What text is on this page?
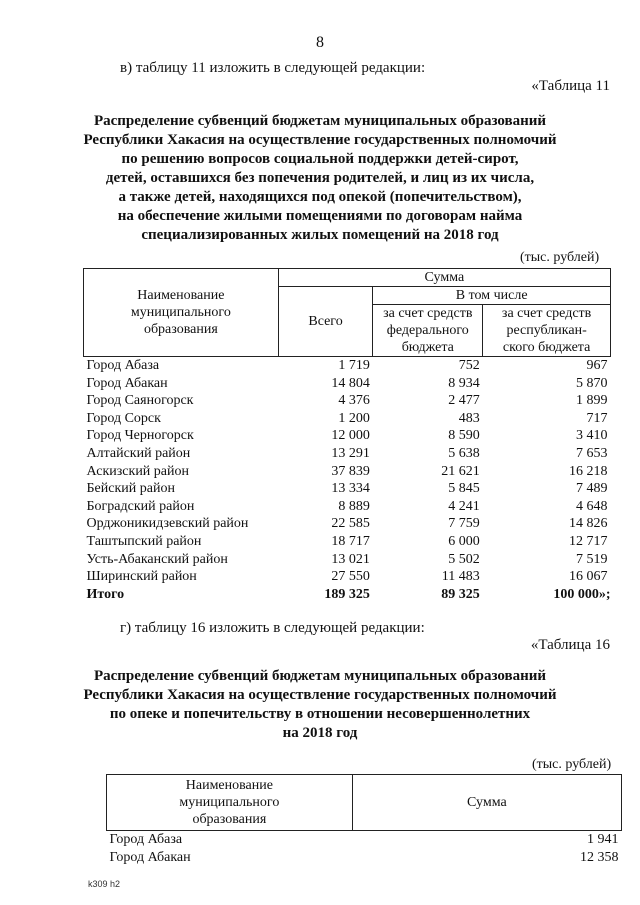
8
в) таблицу 11 изложить в следующей редакции:
«Таблица 11
Распределение субвенций бюджетам муниципальных образований
Республики Хакасия на осуществление государственных полномочий
по решению вопросов социальной поддержки детей-сирот,
детей, оставшихся без попечения родителей, и лиц из их числа,
а также детей, находящихся под опекой (попечительством),
на обеспечение жилыми помещениями по договорам найма
специализированных жилых помещений на 2018 год
(тыс. рублей)
Наименование муниципального образования	Сумма		
	Всего	В том числе	
		за счет средств федерального бюджета	за счет средств республикан-ского бюджета
Город Абаза	1 719	752	967
Город Абакан	14 804	8 934	5 870
Город Саяногорск	4 376	2 477	1 899
Город Сорск	1 200	483	717
Город Черногорск	12 000	8 590	3 410
Алтайский район	13 291	5 638	7 653
Аскизский район	37 839	21 621	16 218
Бейский район	13 334	5 845	7 489
Боградский район	8 889	4 241	4 648
Орджоникидзевский район	22 585	7 759	14 826
Таштыпский район	18 717	6 000	12 717
Усть-Абаканский район	13 021	5 502	7 519
Ширинский район	27 550	11 483	16 067
Итого	189 325	89 325	100 000»;
г) таблицу 16 изложить в следующей редакции:
«Таблица 16
Распределение субвенций бюджетам муниципальных образований
Республики Хакасия на осуществление государственных полномочий
по опеке и попечительству в отношении несовершеннолетних
на 2018 год
(тыс. рублей)
Наименование муниципального образования	Сумма
Город Абаза	1 941
Город Абакан	12 358
k309 h2
